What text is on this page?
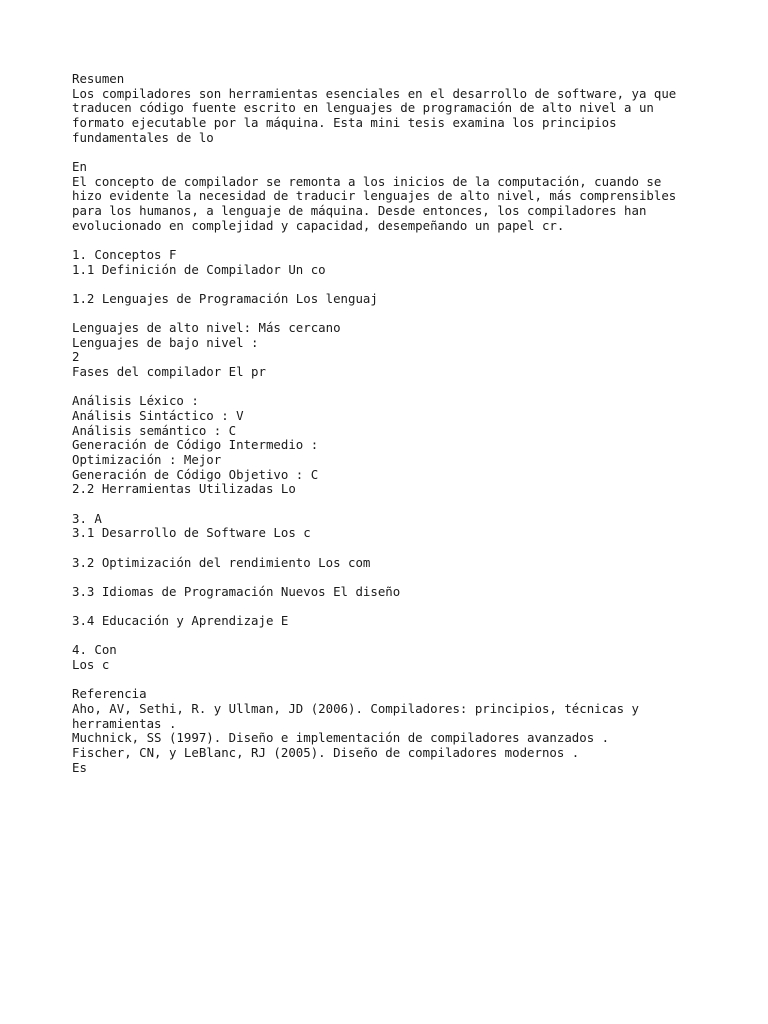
Resumen
Los compiladores son herramientas esenciales en el desarrollo de software, ya que
traducen código fuente escrito en lenguajes de programación de alto nivel a un
formato ejecutable por la máquina. Esta mini tesis examina los principios
fundamentales de lo
En
El concepto de compilador se remonta a los inicios de la computación, cuando se
hizo evidente la necesidad de traducir lenguajes de alto nivel, más comprensibles
para los humanos, a lenguaje de máquina. Desde entonces, los compiladores han
evolucionado en complejidad y capacidad, desempeñando un papel cr.
1. Conceptos F
1.1 Definición de Compilador Un co
1.2 Lenguajes de Programación Los lenguaj
Lenguajes de alto nivel: Más cercano
Lenguajes de bajo nivel :
2
Fases del compilador El pr
Análisis Léxico :
Análisis Sintáctico : V
Análisis semántico : C
Generación de Código Intermedio :
Optimización : Mejor
Generación de Código Objetivo : C
2.2 Herramientas Utilizadas Lo
3. A
3.1 Desarrollo de Software Los c
3.2 Optimización del rendimiento Los com
3.3 Idiomas de Programación Nuevos El diseño
3.4 Educación y Aprendizaje E
4. Con
Los c
Referencia
Aho, AV, Sethi, R. y Ullman, JD (2006). Compiladores: principios, técnicas y
herramientas .
Muchnick, SS (1997). Diseño e implementación de compiladores avanzados .
Fischer, CN, y LeBlanc, RJ (2005). Diseño de compiladores modernos .
Es
